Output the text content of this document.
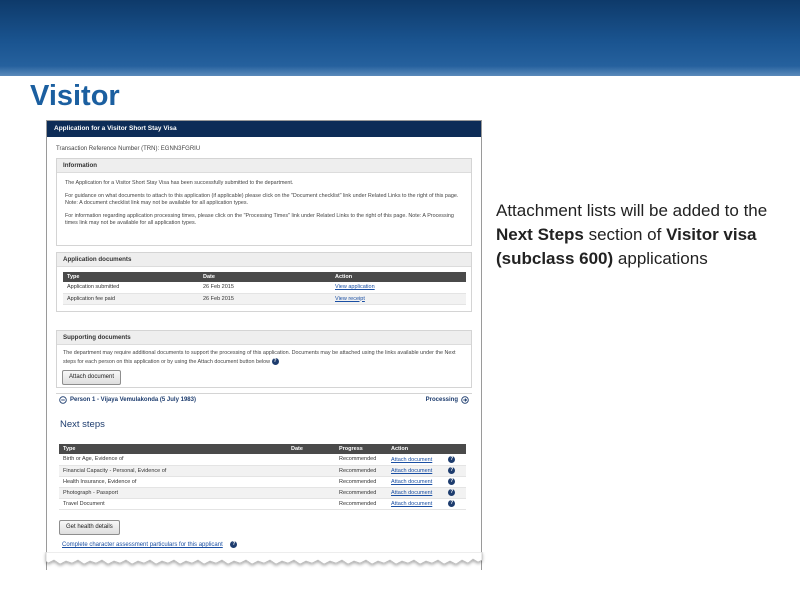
Visitor
Attachment lists will be added to the Next Steps section of Visitor visa (subclass 600) applications
Application for a Visitor Short Stay Visa
Transaction Reference Number (TRN): EGNN3FGRIU
Information

The Application for a Visitor Short Stay Visa has been successfully submitted to the department.

For guidance on what documents to attach to this application (if applicable) please click on the "Document checklist" link under Related Links to the right of this page. Note: A document checklist link may not be available for all application types.

For information regarding application processing times, please click on the "Processing Times" link under Related Links to the right of this page. Note: A Processing times link may not be available for all application types.

Application documents
Type	Date	Action
Application submitted	26 Feb 2015	View application
Application fee paid	26 Feb 2015	View receipt
Supporting documents

The department may require additional documents to support the processing of this application. Documents may be attached using the links available under the Next steps for each person on this application or by using the Attach document button below ?

Attach document
Person 1 - Vijaya Vemulakonda (5 July 1983)	Processing
Next steps
Type	Date	Progress	Action
Birth or Age, Evidence of		Recommended	Attach document ?
Financial Capacity - Personal, Evidence of		Recommended	Attach document ?
Health Insurance, Evidence of		Recommended	Attach document ?
Photograph - Passport		Recommended	Attach document ?
Travel Document		Recommended	Attach document ?
Get health details
Complete character assessment particulars for this applicant ?
